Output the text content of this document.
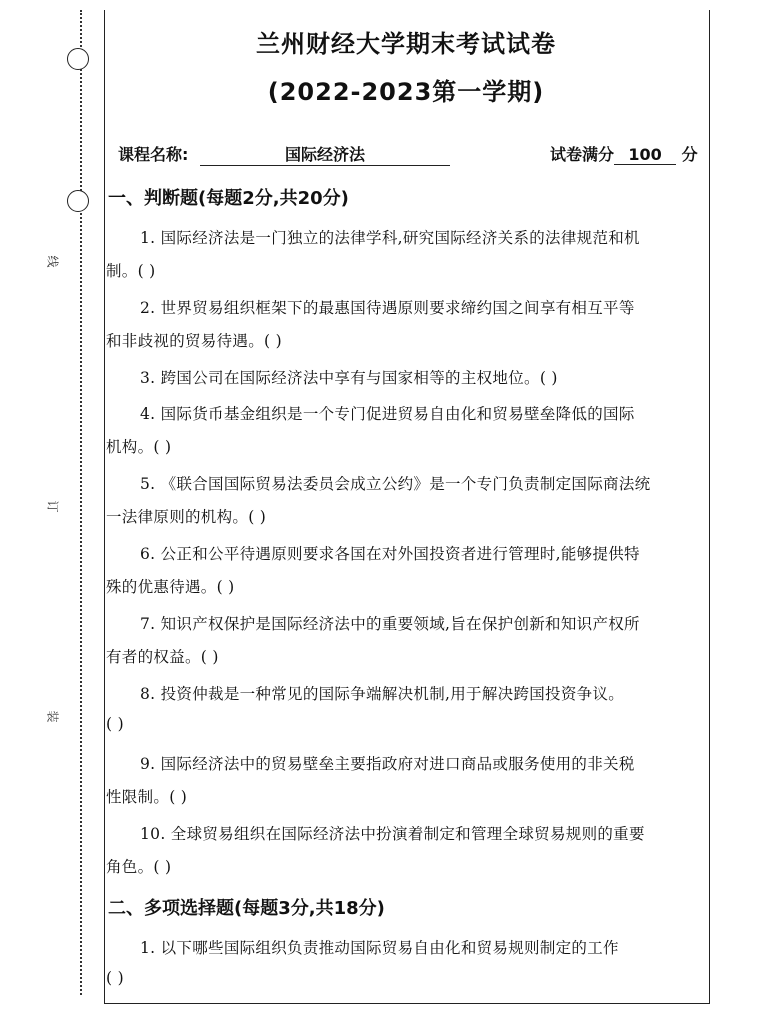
线
订
装
兰州财经大学期末考试试卷
(2022-2023第一学期)
课程名称:	国际经济法	试卷满分 100 分
一、判断题(每题2分,共20分)
1. 国际经济法是一门独立的法律学科,研究国际经济关系的法律规范和机
制。( )
2. 世界贸易组织框架下的最惠国待遇原则要求缔约国之间享有相互平等
和非歧视的贸易待遇。( )
3. 跨国公司在国际经济法中享有与国家相等的主权地位。( )
4. 国际货币基金组织是一个专门促进贸易自由化和贸易壁垒降低的国际
机构。( )
5. 《联合国国际贸易法委员会成立公约》是一个专门负责制定国际商法统
一法律原则的机构。( )
6. 公正和公平待遇原则要求各国在对外国投资者进行管理时,能够提供特
殊的优惠待遇。( )
7. 知识产权保护是国际经济法中的重要领域,旨在保护创新和知识产权所
有者的权益。( )
8. 投资仲裁是一种常见的国际争端解决机制,用于解决跨国投资争议。
( )
9. 国际经济法中的贸易壁垒主要指政府对进口商品或服务使用的非关税
性限制。( )
10. 全球贸易组织在国际经济法中扮演着制定和管理全球贸易规则的重要
角色。( )
二、多项选择题(每题3分,共18分)
1. 以下哪些国际组织负责推动国际贸易自由化和贸易规则制定的工作
( )
